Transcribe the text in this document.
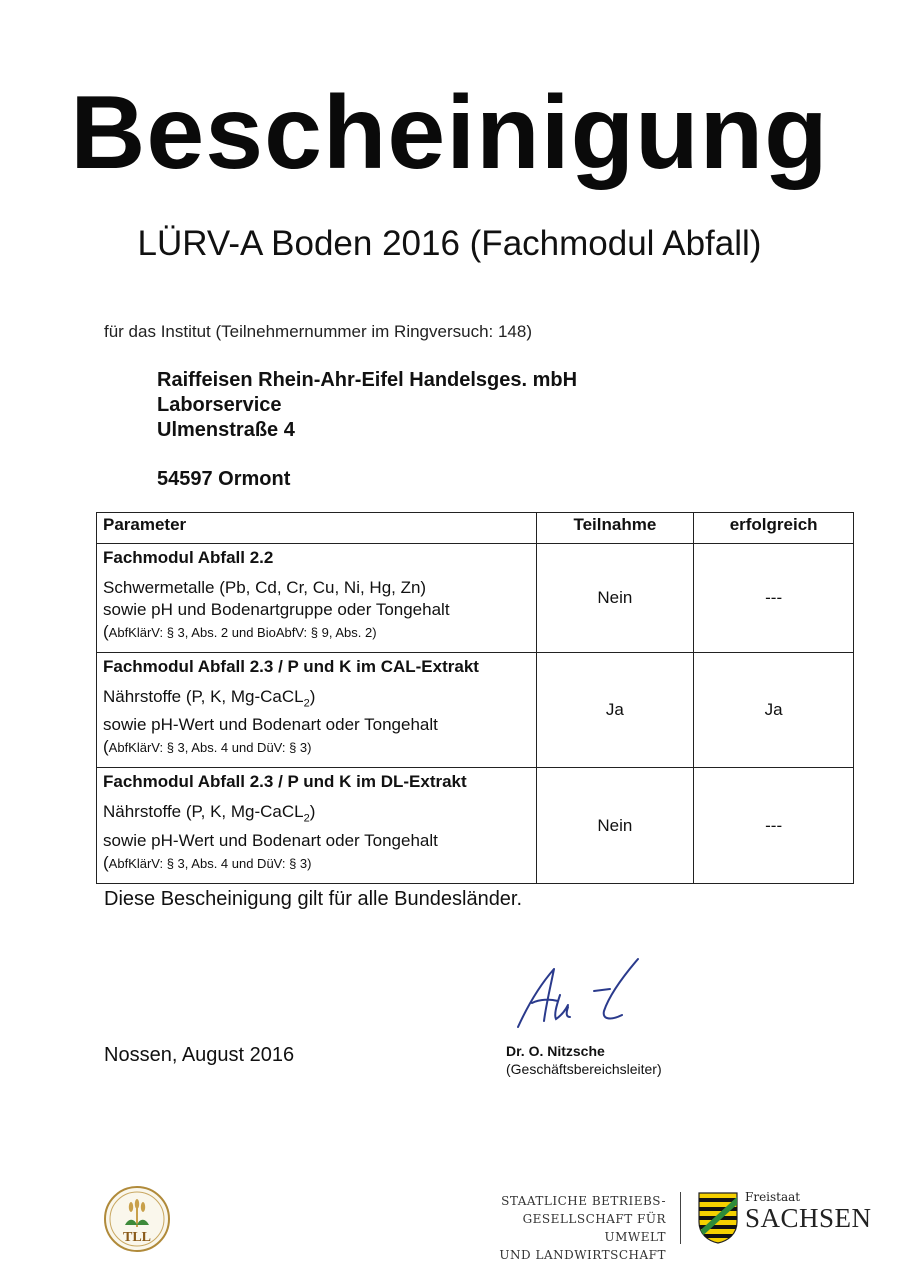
Bescheinigung
LÜRV-A Boden 2016 (Fachmodul Abfall)
für das Institut (Teilnehmernummer im Ringversuch: 148)
Raiffeisen Rhein-Ahr-Eifel Handelsges. mbH
Laborservice
Ulmenstraße 4
54597 Ormont
Parameter	Teilnahme	erfolgreich

Fachmodul Abfall 2.2
Schwermetalle (Pb, Cd, Cr, Cu, Ni, Hg, Zn)
sowie pH und Bodenartgruppe oder Tongehalt
(AbfKlärV: § 3, Abs. 2 und BioAbfV: § 9, Abs. 2)	Nein	---

Fachmodul Abfall 2.3 / P und K im CAL-Extrakt
Nährstoffe (P, K, Mg-CaCL$_2$)
sowie pH-Wert und Bodenart oder Tongehalt
(AbfKlärV: § 3, Abs. 4 und DüV: § 3)	Ja	Ja

Fachmodul Abfall 2.3 / P und K im DL-Extrakt
Nährstoffe (P, K, Mg-CaCL$_2$)
sowie pH-Wert und Bodenart oder Tongehalt
(AbfKlärV: § 3, Abs. 4 und DüV: § 3)	Nein	---
Diese Bescheinigung gilt für alle Bundesländer.
Nossen, August 2016	Dr. O. Nitzsche
(Geschäftsbereichsleiter)
TLL
STAATLICHE BETRIEBS-
GESELLSCHAFT FÜR UMWELT
UND LANDWIRTSCHAFT
Freistaat
SACHSEN
